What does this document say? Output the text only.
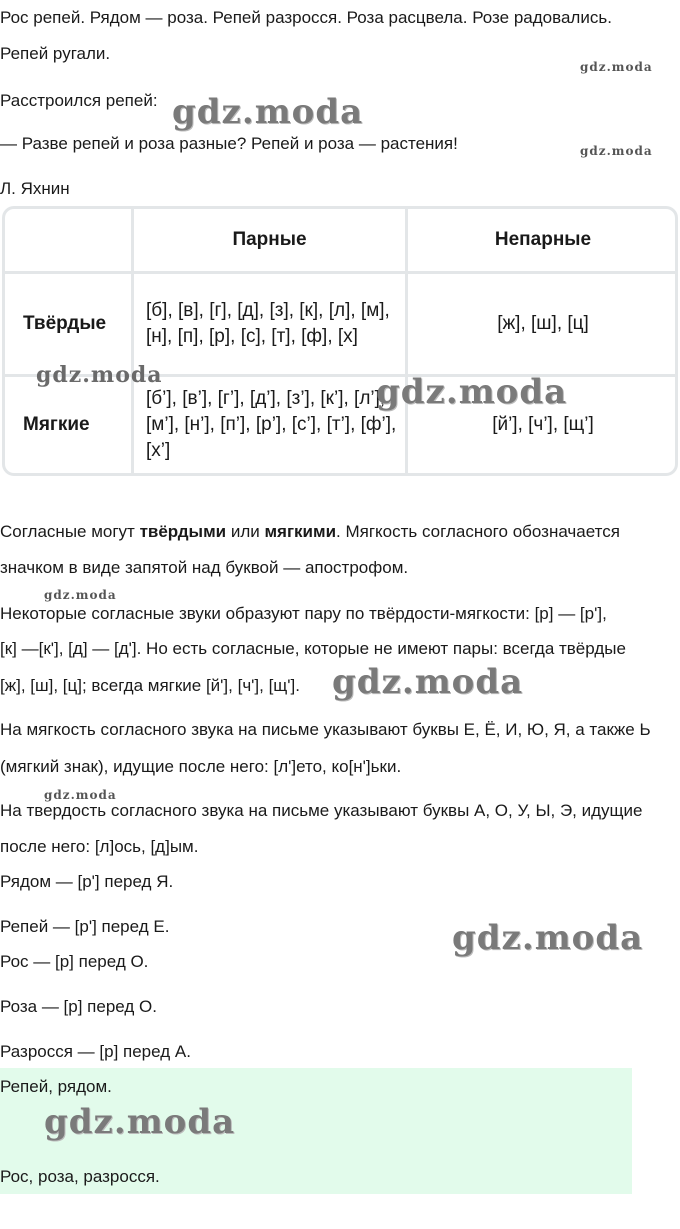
Рос репей. Рядом — роза. Репей разросся. Роза расцвела. Розе радовались.
Репей ругали.
Расстроился репей:
— Разве репей и роза разные? Репей и роза — растения!
Л. Яхнин
Парные	Непарные
Твёрдые
[б], [в], [г], [д], [з], [к], [л], [м], [н], [п], [р], [с], [т], [ф], [х]
[ж], [ш], [ц]
Мягкие
[б’], [в’], [г’], [д’], [з’], [к’], [л’], [м’], [н’], [п’], [р’], [с’], [т’], [ф’], [х’]
[й’], [ч’], [щ’]
Согласные могут твёрдыми или мягкими. Мягкость согласного обозначается
значком в виде запятой над буквой — апострофом.
Некоторые согласные звуки образуют пару по твёрдости-мягкости: [р] — [р'],
[к] —[к'], [д] — [д']. Но есть согласные, которые не имеют пары: всегда твёрдые
[ж], [ш], [ц]; всегда мягкие [й'], [ч'], [щ'].
На мягкость согласного звука на письме указывают буквы Е, Ё, И, Ю, Я, а также Ь
(мягкий знак), идущие после него: [л']ето, ко[н']ьки.
На твердость согласного звука на письме указывают буквы А, О, У, Ы, Э, идущие
после него: [л]ось, [д]ым.
Рядом — [р'] перед Я.
Репей — [р'] перед Е.
Рос — [р] перед О.
Роза — [р] перед О.
Разросся — [р] перед А.
Репей, рядом.
Рос, роза, разросся.
gdz.moda
gdz.moda
gdz.moda
gdz.moda	gdz.moda
gdz.moda
gdz.moda
gdz.moda
gdz.moda
gdz.moda
